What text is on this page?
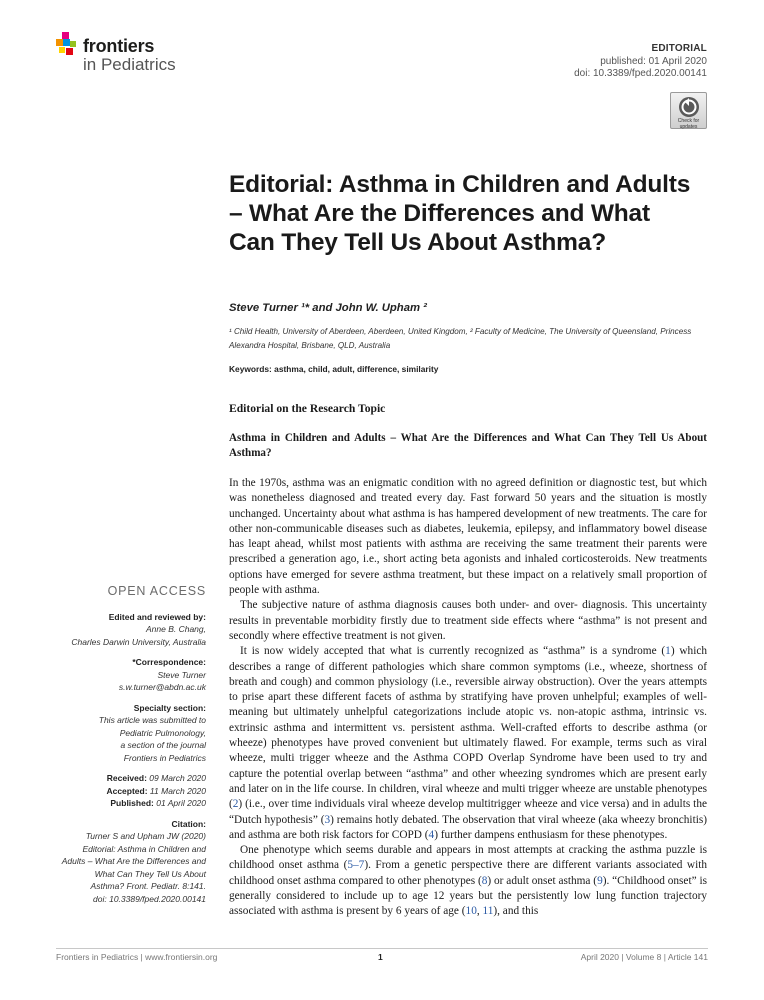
frontiers
in Pediatrics
EDITORIAL
published: 01 April 2020
doi: 10.3389/fped.2020.00141
Check for updates
Editorial: Asthma in Children and Adults – What Are the Differences and What Can They Tell Us About Asthma?
Steve Turner ¹* and John W. Upham ²
¹ Child Health, University of Aberdeen, Aberdeen, United Kingdom, ² Faculty of Medicine, The University of Queensland, Princess Alexandra Hospital, Brisbane, QLD, Australia
Keywords: asthma, child, adult, difference, similarity
OPEN ACCESS
Edited and reviewed by:
Anne B. Chang,
Charles Darwin University, Australia
*Correspondence:
Steve Turner
s.w.turner@abdn.ac.uk
Specialty section:
This article was submitted to
Pediatric Pulmonology,
a section of the journal
Frontiers in Pediatrics
Received: 09 March 2020
Accepted: 11 March 2020
Published: 01 April 2020
Citation:
Turner S and Upham JW (2020)
Editorial: Asthma in Children and
Adults – What Are the Differences and
What Can They Tell Us About
Asthma? Front. Pediatr. 8:141.
doi: 10.3389/fped.2020.00141
Editorial on the Research Topic
Asthma in Children and Adults – What Are the Differences and What Can They Tell Us About Asthma?

In the 1970s, asthma was an enigmatic condition with no agreed definition or diagnostic test, but which was nonetheless diagnosed and treated every day. Fast forward 50 years and the situation is mostly unchanged. Uncertainty about what asthma is has hampered development of new treatments. The care for other non-communicable diseases such as diabetes, leukemia, epilepsy, and inflammatory bowel disease has leapt ahead, whilst most patients with asthma are receiving the same treatment their parents were prescribed a generation ago, i.e., short acting beta agonists and inhaled corticosteroids. New treatments options have emerged for severe asthma treatment, but these impact on a relatively small proportion of people with asthma.

The subjective nature of asthma diagnosis causes both under- and over- diagnosis. This uncertainty results in preventable morbidity firstly due to treatment side effects where “asthma” is not present and secondly where effective treatment is not given.

It is now widely accepted that what is currently recognized as “asthma” is a syndrome (1) which describes a range of different pathologies which share common symptoms (i.e., wheeze, shortness of breath and cough) and common physiology (i.e., reversible airway obstruction). Over the years attempts to prise apart these different facets of asthma by stratifying have proven unhelpful; examples of well-meaning but ultimately unhelpful categorizations include atopic vs. non-atopic asthma, intrinsic vs. extrinsic asthma and intermittent vs. persistent asthma. Well-crafted efforts to describe asthma (or wheeze) phenotypes have proved convenient but ultimately flawed. For example, terms such as viral wheeze, multi trigger wheeze and the Asthma COPD Overlap Syndrome have been used to try and capture the potential overlap between “asthma” and other wheezing syndromes which are present early and later on in the life course. In children, viral wheeze and multi trigger wheeze are unstable phenotypes (2) (i.e., over time individuals viral wheeze develop multitrigger wheeze and vice versa) and in adults the “Dutch hypothesis” (3) remains hotly debated. The observation that viral wheeze (aka wheezy bronchitis) and asthma are both risk factors for COPD (4) further dampens enthusiasm for these phenotypes.

One phenotype which seems durable and appears in most attempts at cracking the asthma puzzle is childhood onset asthma (5–7). From a genetic perspective there are different variants associated with childhood onset asthma compared to other phenotypes (8) or adult onset asthma (9). “Childhood onset” is generally considered to include up to age 12 years but the persistently low lung function trajectory associated with asthma is present by 6 years of age (10, 11), and this

Frontiers in Pediatrics | www.frontiersin.org	1	April 2020 | Volume 8 | Article 141
